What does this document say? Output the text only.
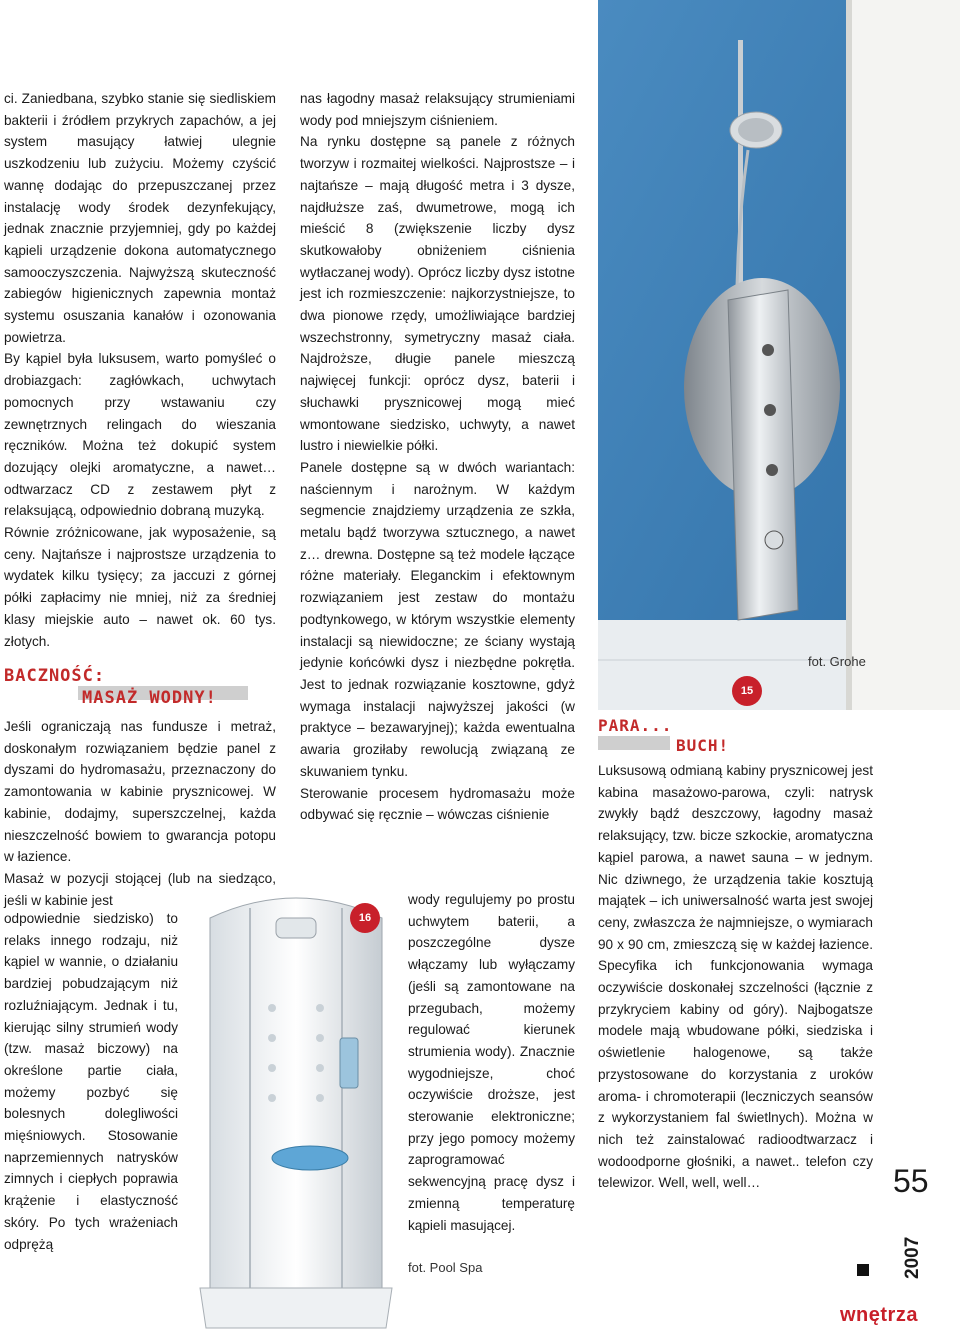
ci. Zaniedbana, szybko stanie się siedliskiem bakterii i źródłem przykrych zapachów, a jej system masujący łatwiej ulegnie uszkodzeniu lub zużyciu. Możemy czyścić wannę dodając do przepuszczanej przez instalację wody środek dezynfekujący, jednak znacznie przyjemniej, gdy po każdej kąpieli urządzenie dokona automatycznego samooczyszczenia. Najwyższą skuteczność zabiegów higienicznych zapewnia montaż systemu osuszania kanałów i ozonowania powietrza.

By kąpiel była luksusem, warto pomyśleć o drobiazgach: zagłówkach, uchwytach pomocnych przy wstawaniu czy zewnętrznych relingach do wieszania ręczników. Można też dokupić system dozujący olejki aromatyczne, a nawet… odtwarzacz CD z zestawem płyt z relaksującą, odpowiednio dobraną muzyką.

Równie zróżnicowane, jak wyposażenie, są ceny. Najtańsze i najprostsze urządzenia to wydatek kilku tysięcy; za jaccuzi z górnej półki zapłacimy nie mniej, niż za średniej klasy miejskie auto – nawet ok. 60 tys. złotych.

BACZNOŚĆ:
MASAŻ WODNY!

Jeśli ograniczają nas fundusze i metraż, doskonałym rozwiązaniem będzie panel z dyszami do hydromasażu, przeznaczony do zamontowania w kabinie prysznicowej. W kabinie, dodajmy, superszczelnej, każda nieszczelność bowiem to gwarancja potopu w łazience.

Masaż w pozycji stojącej (lub na siedząco, jeśli w kabinie jest

odpowiednie siedzisko) to relaks innego rodzaju, niż kąpiel w wannie, o działaniu bardziej pobudzającym niż rozluźniającym. Jednak i tu, kierując silny strumień wody (tzw. masaż biczowy) na określone partie ciała, możemy pozbyć się bolesnych dolegliwości mięśniowych. Stosowanie naprzemiennych natrysków zimnych i ciepłych poprawia krążenie i elastyczność skóry. Po tych wrażeniach odprężą

nas łagodny masaż relaksujący strumieniami wody pod mniejszym ciśnieniem.

Na rynku dostępne są panele z różnych tworzyw i rozmaitej wielkości. Najprostsze – i najtańsze – mają długość metra i 3 dysze, najdłuższe zaś, dwumetrowe, mogą ich mieścić 8 (zwiększenie liczby dysz skutkowałoby obniżeniem ciśnienia wytłaczanej wody). Oprócz liczby dysz istotne jest ich rozmieszczenie: najkorzystniejsze, to dwa pionowe rzędy, umożliwiające bardziej wszechstronny, symetryczny masaż ciała. Najdroższe, długie panele mieszczą najwięcej funkcji: oprócz dysz, baterii i słuchawki prysznicowej mogą mieć wmontowane siedzisko, uchwyty, a nawet lustro i niewielkie półki.

Panele dostępne są w dwóch wariantach: naściennym i narożnym. W każdym segmencie znajdziemy urządzenia ze szkła, metalu bądź tworzywa sztucznego, a nawet z… drewna. Dostępne są też modele łączące różne materiały. Eleganckim i efektownym rozwiązaniem jest zestaw do montażu podtynkowego, w którym wszystkie elementy instalacji są niewidoczne; ze ściany wystają jedynie końcówki dysz i niezbędne pokrętła. Jest to jednak rozwiązanie kosztowne, gdyż wymaga instalacji najwyższej jakości (w praktyce – bezawaryjnej); każda ewentualna awaria groziłaby rewolucją związaną ze skuwaniem tynku.

Sterowanie procesem hydromasażu może odbywać się ręcznie – wówczas ciśnienie

wody regulujemy po prostu uchwytem baterii, a poszczególne dysze włączamy lub wyłączamy (jeśli są zamontowane na przegubach, możemy regulować kierunek strumienia wody). Znacznie wygodniejsze, choć oczywiście droższe, jest sterowanie elektroniczne; przy jego pomocy możemy zaprogramować sekwencyjną pracę dysz i zmienną temperaturę kąpieli masującej.

PARA...
BUCH!

Luksusową odmianą kabiny prysznicowej jest kabina masażowo-parowa, czyli: natrysk zwykły bądź deszczowy, łagodny masaż relaksujący, tzw. bicze szkockie, aromatyczna kąpiel parowa, a nawet sauna – w jednym. Nic dziwnego, że urządzenia takie kosztują majątek – ich uniwersalność warta jest swojej ceny, zwłaszcza że najmniejsze, o wymiarach 90 x 90 cm, zmieszczą się w każdej łazience. Specyfika ich funkcjonowania wymaga oczywiście doskonałej szczelności (łącznie z przykryciem kabiny od góry). Najbogatsze modele mają wbudowane półki, siedziska i oświetlenie halogenowe, są także przystosowane do korzystania z uroków aroma- i chromoterapii (leczniczych seansów z wykorzystaniem fal świetlnych). Można w nich też zainstalować radioodtwarzacz i wodoodporne głośniki, a nawet.. telefon czy telewizor. Well, well, well…

fot. Grohe
15
16
fot. Pool Spa
55
2007
wnętrza
